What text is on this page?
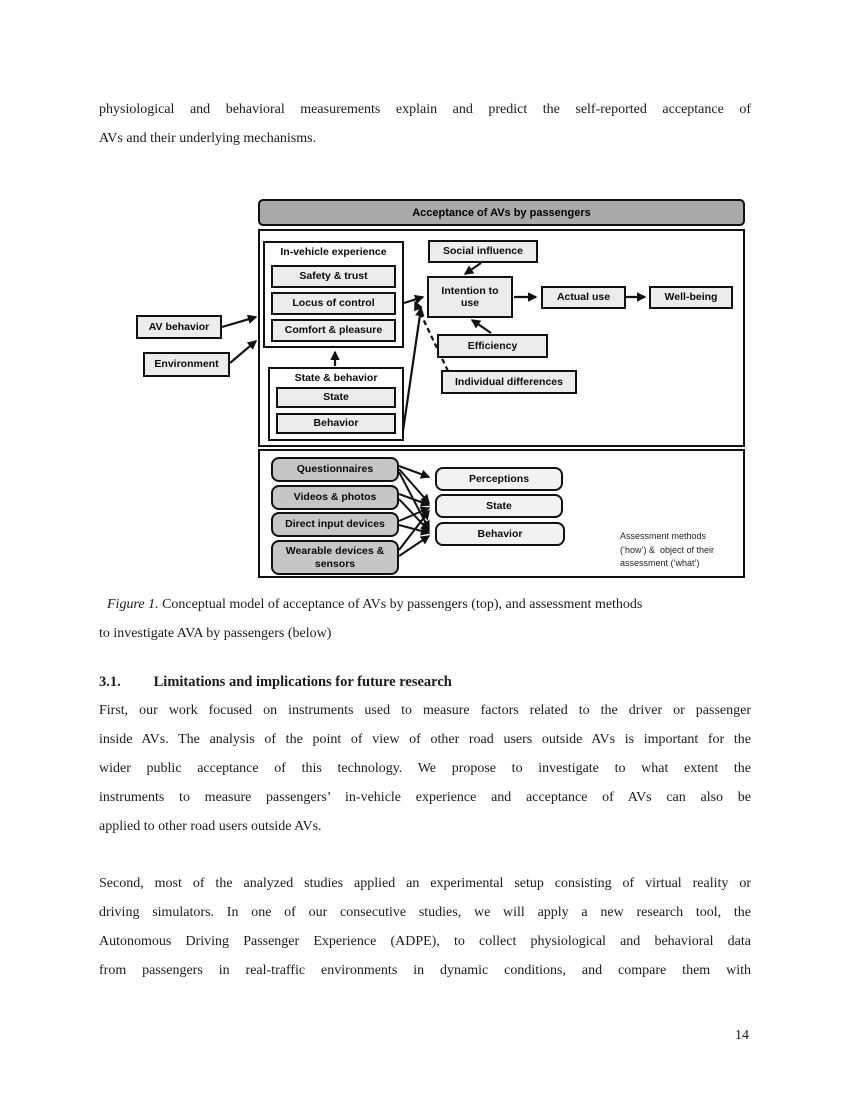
physiological and behavioral measurements explain and predict the self-reported acceptance of
AVs and their underlying mechanisms.
Acceptance of AVs by passengers
AV behavior
Environment
In-vehicle experience
Safety & trust
Locus of control
Comfort & pleasure
State & behavior
State
Behavior
Social influence
Intention to use	Actual use	Well-being
Efficiency
Individual differences
Questionnaires
Videos & photos
Direct input devices
Wearable devices & sensors
Perceptions
State
Behavior	Assessment methods
(‘how’) &  object of their
assessment (‘what’)
Figure 1. Conceptual model of acceptance of AVs by passengers (top), and assessment methods
to investigate AVA by passengers (below)
3.1. Limitations and implications for future research
First, our work focused on instruments used to measure factors related to the driver or passenger
inside AVs. The analysis of the point of view of other road users outside AVs is important for the
wider public acceptance of this technology. We propose to investigate to what extent the
instruments to measure passengers’ in-vehicle experience and acceptance of AVs can also be
applied to other road users outside AVs.
Second, most of the analyzed studies applied an experimental setup consisting of virtual reality or
driving simulators. In one of our consecutive studies, we will apply a new research tool, the
Autonomous Driving Passenger Experience (ADPE), to collect physiological and behavioral data
from passengers in real-traffic environments in dynamic conditions, and compare them with
14
